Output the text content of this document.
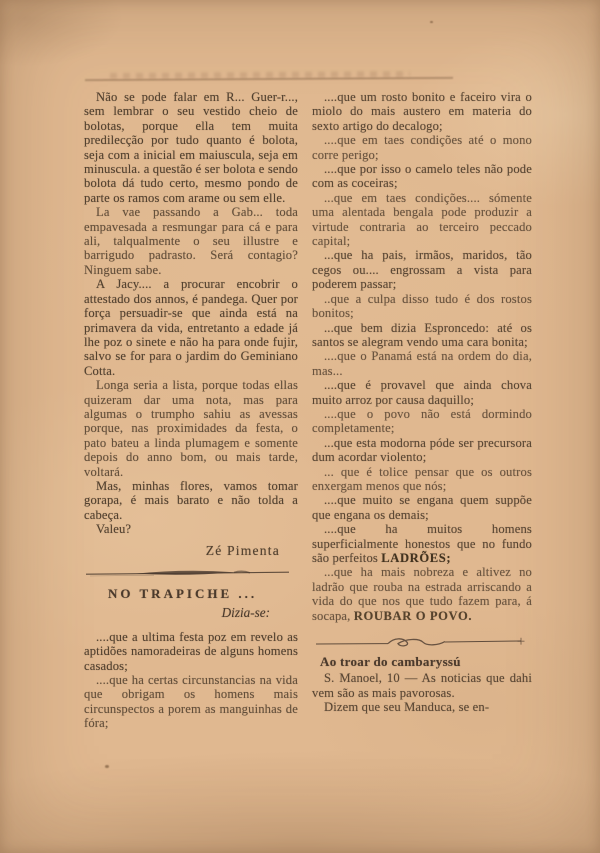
Não se pode falar em R... Guer-r..., sem lembrar o seu vestido cheio de bolotas, porque ella tem muita predilecção por tudo quanto é bolota, seja com a inicial em maiuscula, seja em minuscula. a questão é ser bolota e sendo bolota dá tudo certo, mesmo pondo de parte os ramos com arame ou sem elle.

La vae passando a Gab... toda empavesada a resmungar para cá e para ali, talqualmente o seu illustre e barrigudo padrasto. Será contagio? Ninguem sabe.

A Jacy.... a procurar encobrir o attestado dos annos, é pandega. Quer por força persuadir-se que ainda está na primavera da vida, entretanto a edade já lhe poz o sinete e não ha para onde fujir, salvo se for para o jardim do Geminiano Cotta.

Longa seria a lista, porque todas ellas quizeram dar uma nota, mas para algumas o trumpho sahiu as avessas porque, nas proximidades da festa, o pato bateu a linda plumagem e somente depois do anno bom, ou mais tarde, voltará.

Mas, minhas flores, vamos tomar gorapa, é mais barato e não tolda a cabeça.

Valeu?

Zé Pimenta

NO TRAPICHE ...

Dizia-se:

....que a ultima festa poz em revelo as aptidões namoradeiras de alguns homens casados;

....que ha certas circunstancias na vida que obrigam os homens mais circunspectos a porem as manguinhas de fóra;

....que um rosto bonito e faceiro vira o miolo do mais austero em materia do sexto artigo do decalogo;

....que em taes condições até o mono corre perigo;

....que por isso o camelo teles não pode com as coceiras;

...que em taes condições.... sómente uma alentada bengala pode produzir a virtude contraria ao terceiro peccado capital;

...que ha pais, irmãos, maridos, tão cegos ou.... engrossam a vista para poderem passar;

..que a culpa disso tudo é dos rostos bonitos;

...que bem dizia Esproncedo: até os santos se alegram vendo uma cara bonita;

....que o Panamá está na ordem do dia, mas...

....que é provavel que ainda chova muito arroz por causa daquillo;

....que o povo não está dormindo completamente;

...que esta modorna póde ser precursora dum acordar violento;

... que é tolice pensar que os outros enxergam menos que nós;

....que muito se engana quem suppõe que engana os demais;

....que ha muitos homens superficialmente honestos que no fundo são perfeitos LADRÕES;

...que ha mais nobreza e altivez no ladrão que rouba na estrada arriscando a vida do que nos que tudo fazem para, á socapa, ROUBAR O POVO.

Ao troar do cambaryssú

S. Manoel, 10 — As noticias que dahi vem são as mais pavorosas.

Dizem que seu Manduca, se en-
